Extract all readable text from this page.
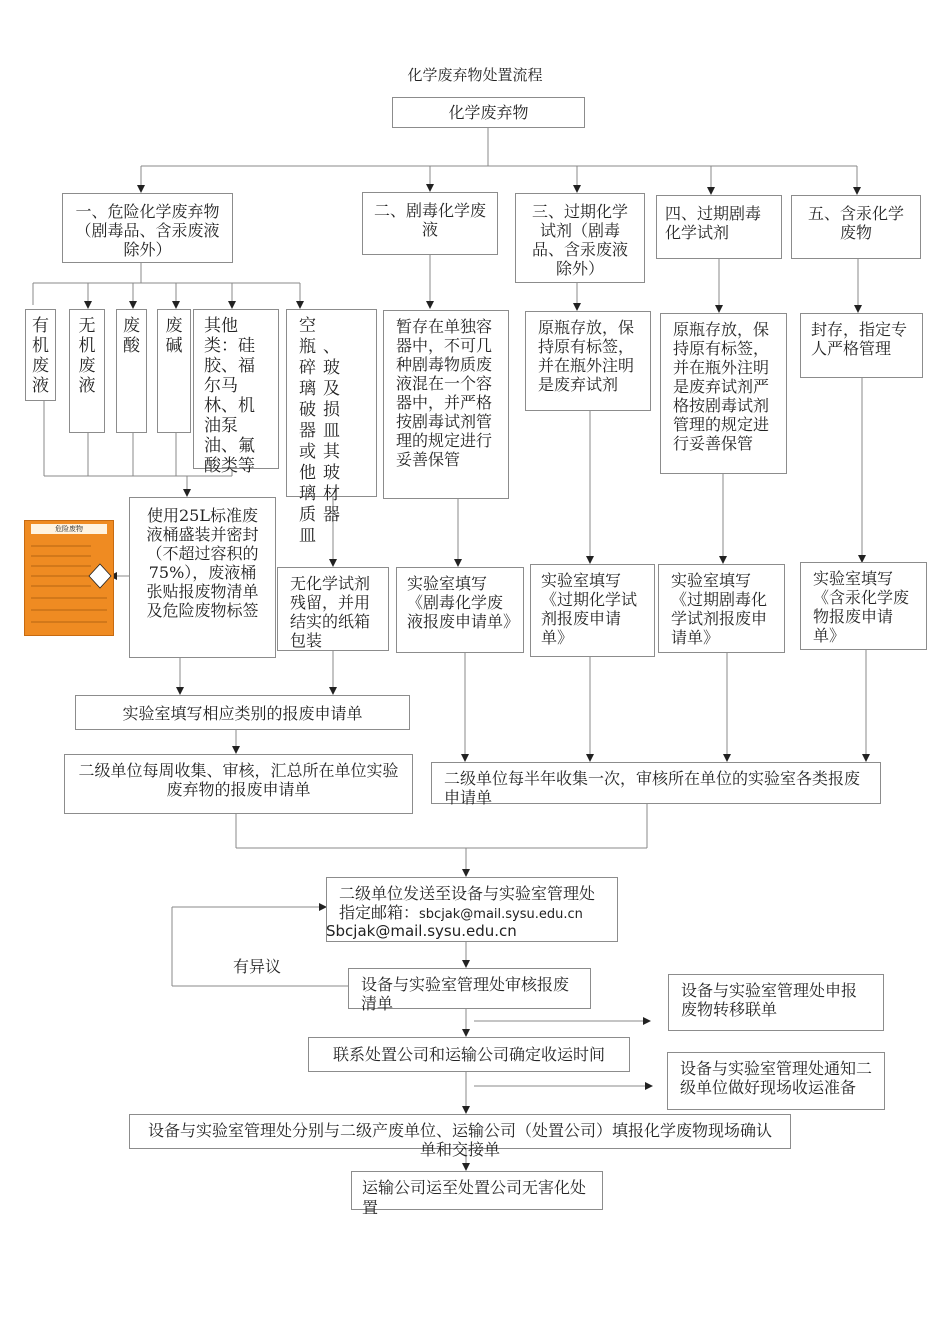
化学废弃物处置流程
化学废弃物
一、危险化学废弃物（剧毒品、含汞废液除外）
二、剧毒化学废液
三、过期化学试剂（剧毒品、含汞废液除外）
四、过期剧毒化学试剂
五、含汞化学废物
有机废液
无机废液
废酸
废碱
其他类：硅胶、福尔马林、机油泵油、氟酸类等
空瓶、碎玻璃及破损器皿或其他玻璃材质器皿
暂存在单独容器中，不可几种剧毒物质废液混在一个容器中，并严格按剧毒试剂管理的规定进行妥善保管
原瓶存放，保持原有标签，并在瓶外注明是废弃试剂
原瓶存放，保持原有标签，并在瓶外注明是废弃试剂严格按剧毒试剂管理的规定进行妥善保管
封存，指定专人严格管理
使用25L标准废液桶盛装并密封（不超过容积的75%），废液桶张贴报废物清单及危险废物标签
危险废物
无化学试剂残留，并用结实的纸箱包装
实验室填写《剧毒化学废液报废申请单》
实验室填写《过期化学试剂报废申请单》
实验室填写《过期剧毒化学试剂报废申请单》
实验室填写《含汞化学废物报废申请单》
实验室填写相应类别的报废申请单
二级单位每周收集、审核，汇总所在单位实验废弃物的报废申请单
二级单位每半年收集一次，审核所在单位的实验室各类报废申请单
二级单位发送至设备与实验室管理处指定邮箱：sbcjak@mail.sysu.edu.cn
Sbcjak@mail.sysu.edu.cn
有异议
设备与实验室管理处审核报废清单
设备与实验室管理处申报废物转移联单
联系处置公司和运输公司确定收运时间
设备与实验室管理处通知二级单位做好现场收运准备
设备与实验室管理处分别与二级产废单位、运输公司（处置公司）填报化学废物现场确认单和交接单
运输公司运至处置公司无害化处置
